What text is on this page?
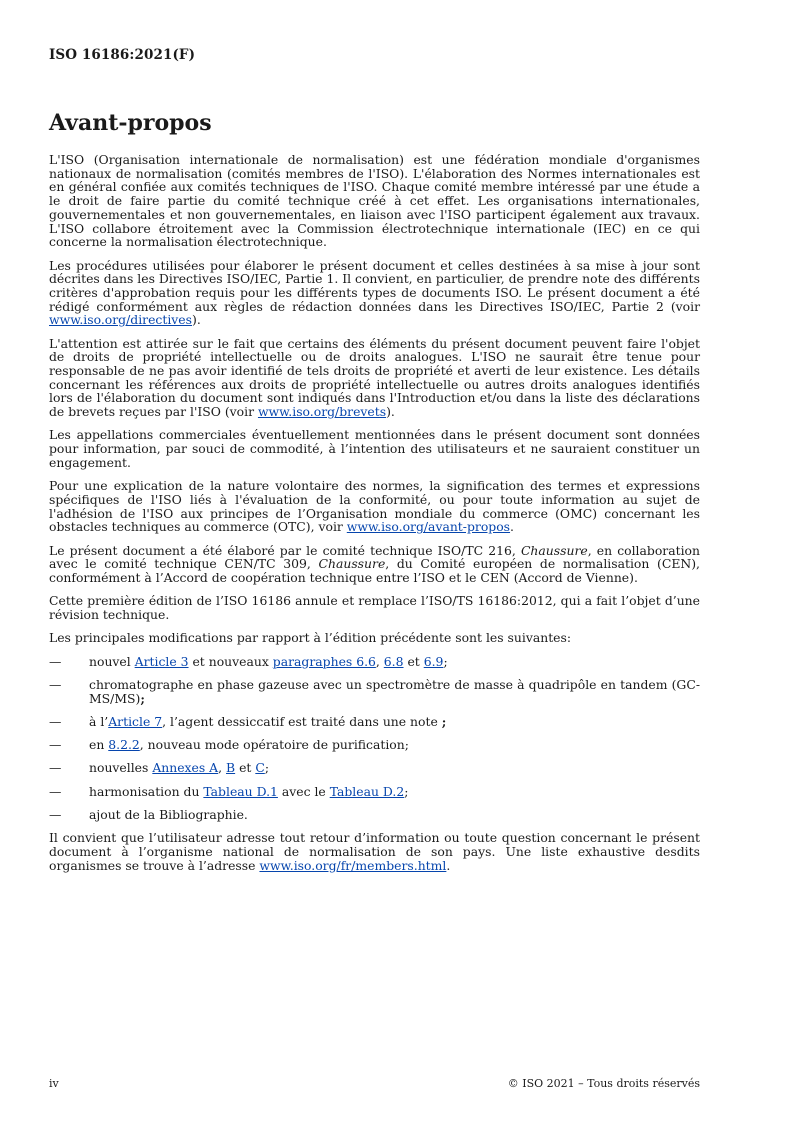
ISO 16186:2021(F)
Avant-propos

L'ISO (Organisation internationale de normalisation) est une fédération mondiale d'organismes nationaux de normalisation (comités membres de l'ISO). L'élaboration des Normes internationales est en général confiée aux comités techniques de l'ISO. Chaque comité membre intéressé par une étude a le droit de faire partie du comité technique créé à cet effet. Les organisations internationales, gouvernementales et non gouvernementales, en liaison avec l'ISO participent également aux travaux. L'ISO collabore étroitement avec la Commission électrotechnique internationale (IEC) en ce qui concerne la normalisation électrotechnique.

Les procédures utilisées pour élaborer le présent document et celles destinées à sa mise à jour sont décrites dans les Directives ISO/IEC, Partie 1. Il convient, en particulier, de prendre note des différents critères d'approbation requis pour les différents types de documents ISO. Le présent document a été rédigé conformément aux règles de rédaction données dans les Directives ISO/IEC, Partie 2 (voir www.iso.org/directives).

L'attention est attirée sur le fait que certains des éléments du présent document peuvent faire l'objet de droits de propriété intellectuelle ou de droits analogues. L'ISO ne saurait être tenue pour responsable de ne pas avoir identifié de tels droits de propriété et averti de leur existence. Les détails concernant les références aux droits de propriété intellectuelle ou autres droits analogues identifiés lors de l'élaboration du document sont indiqués dans l'Introduction et/ou dans la liste des déclarations de brevets reçues par l'ISO (voir www.iso.org/brevets).

Les appellations commerciales éventuellement mentionnées dans le présent document sont données pour information, par souci de commodité, à l’intention des utilisateurs et ne sauraient constituer un engagement.

Pour une explication de la nature volontaire des normes, la signification des termes et expressions spécifiques de l'ISO liés à l'évaluation de la conformité, ou pour toute information au sujet de l'adhésion de l'ISO aux principes de l’Organisation mondiale du commerce (OMC) concernant les obstacles techniques au commerce (OTC), voir www.iso.org/avant-propos.

Le présent document a été élaboré par le comité technique ISO/TC 216, Chaussure, en collaboration avec le comité technique CEN/TC 309, Chaussure, du Comité européen de normalisation (CEN), conformément à l’Accord de coopération technique entre l’ISO et le CEN (Accord de Vienne).

Cette première édition de l’ISO 16186 annule et remplace l’ISO/TS 16186:2012, qui a fait l’objet d’une révision technique.

Les principales modifications par rapport à l’édition précédente sont les suivantes:

— nouvel Article 3 et nouveaux paragraphes 6.6, 6.8 et 6.9;
— chromatographe en phase gazeuse avec un spectromètre de masse à quadripôle en tandem (GC-MS/MS);
— à l’Article 7, l’agent dessiccatif est traité dans une note ;
— en 8.2.2, nouveau mode opératoire de purification;
— nouvelles Annexes A, B et C;
— harmonisation du Tableau D.1 avec le Tableau D.2;
— ajout de la Bibliographie.

Il convient que l’utilisateur adresse tout retour d’information ou toute question concernant le présent document à l’organisme national de normalisation de son pays. Une liste exhaustive desdits organismes se trouve à l’adresse www.iso.org/fr/members.html.

iv	© ISO 2021 – Tous droits réservés
